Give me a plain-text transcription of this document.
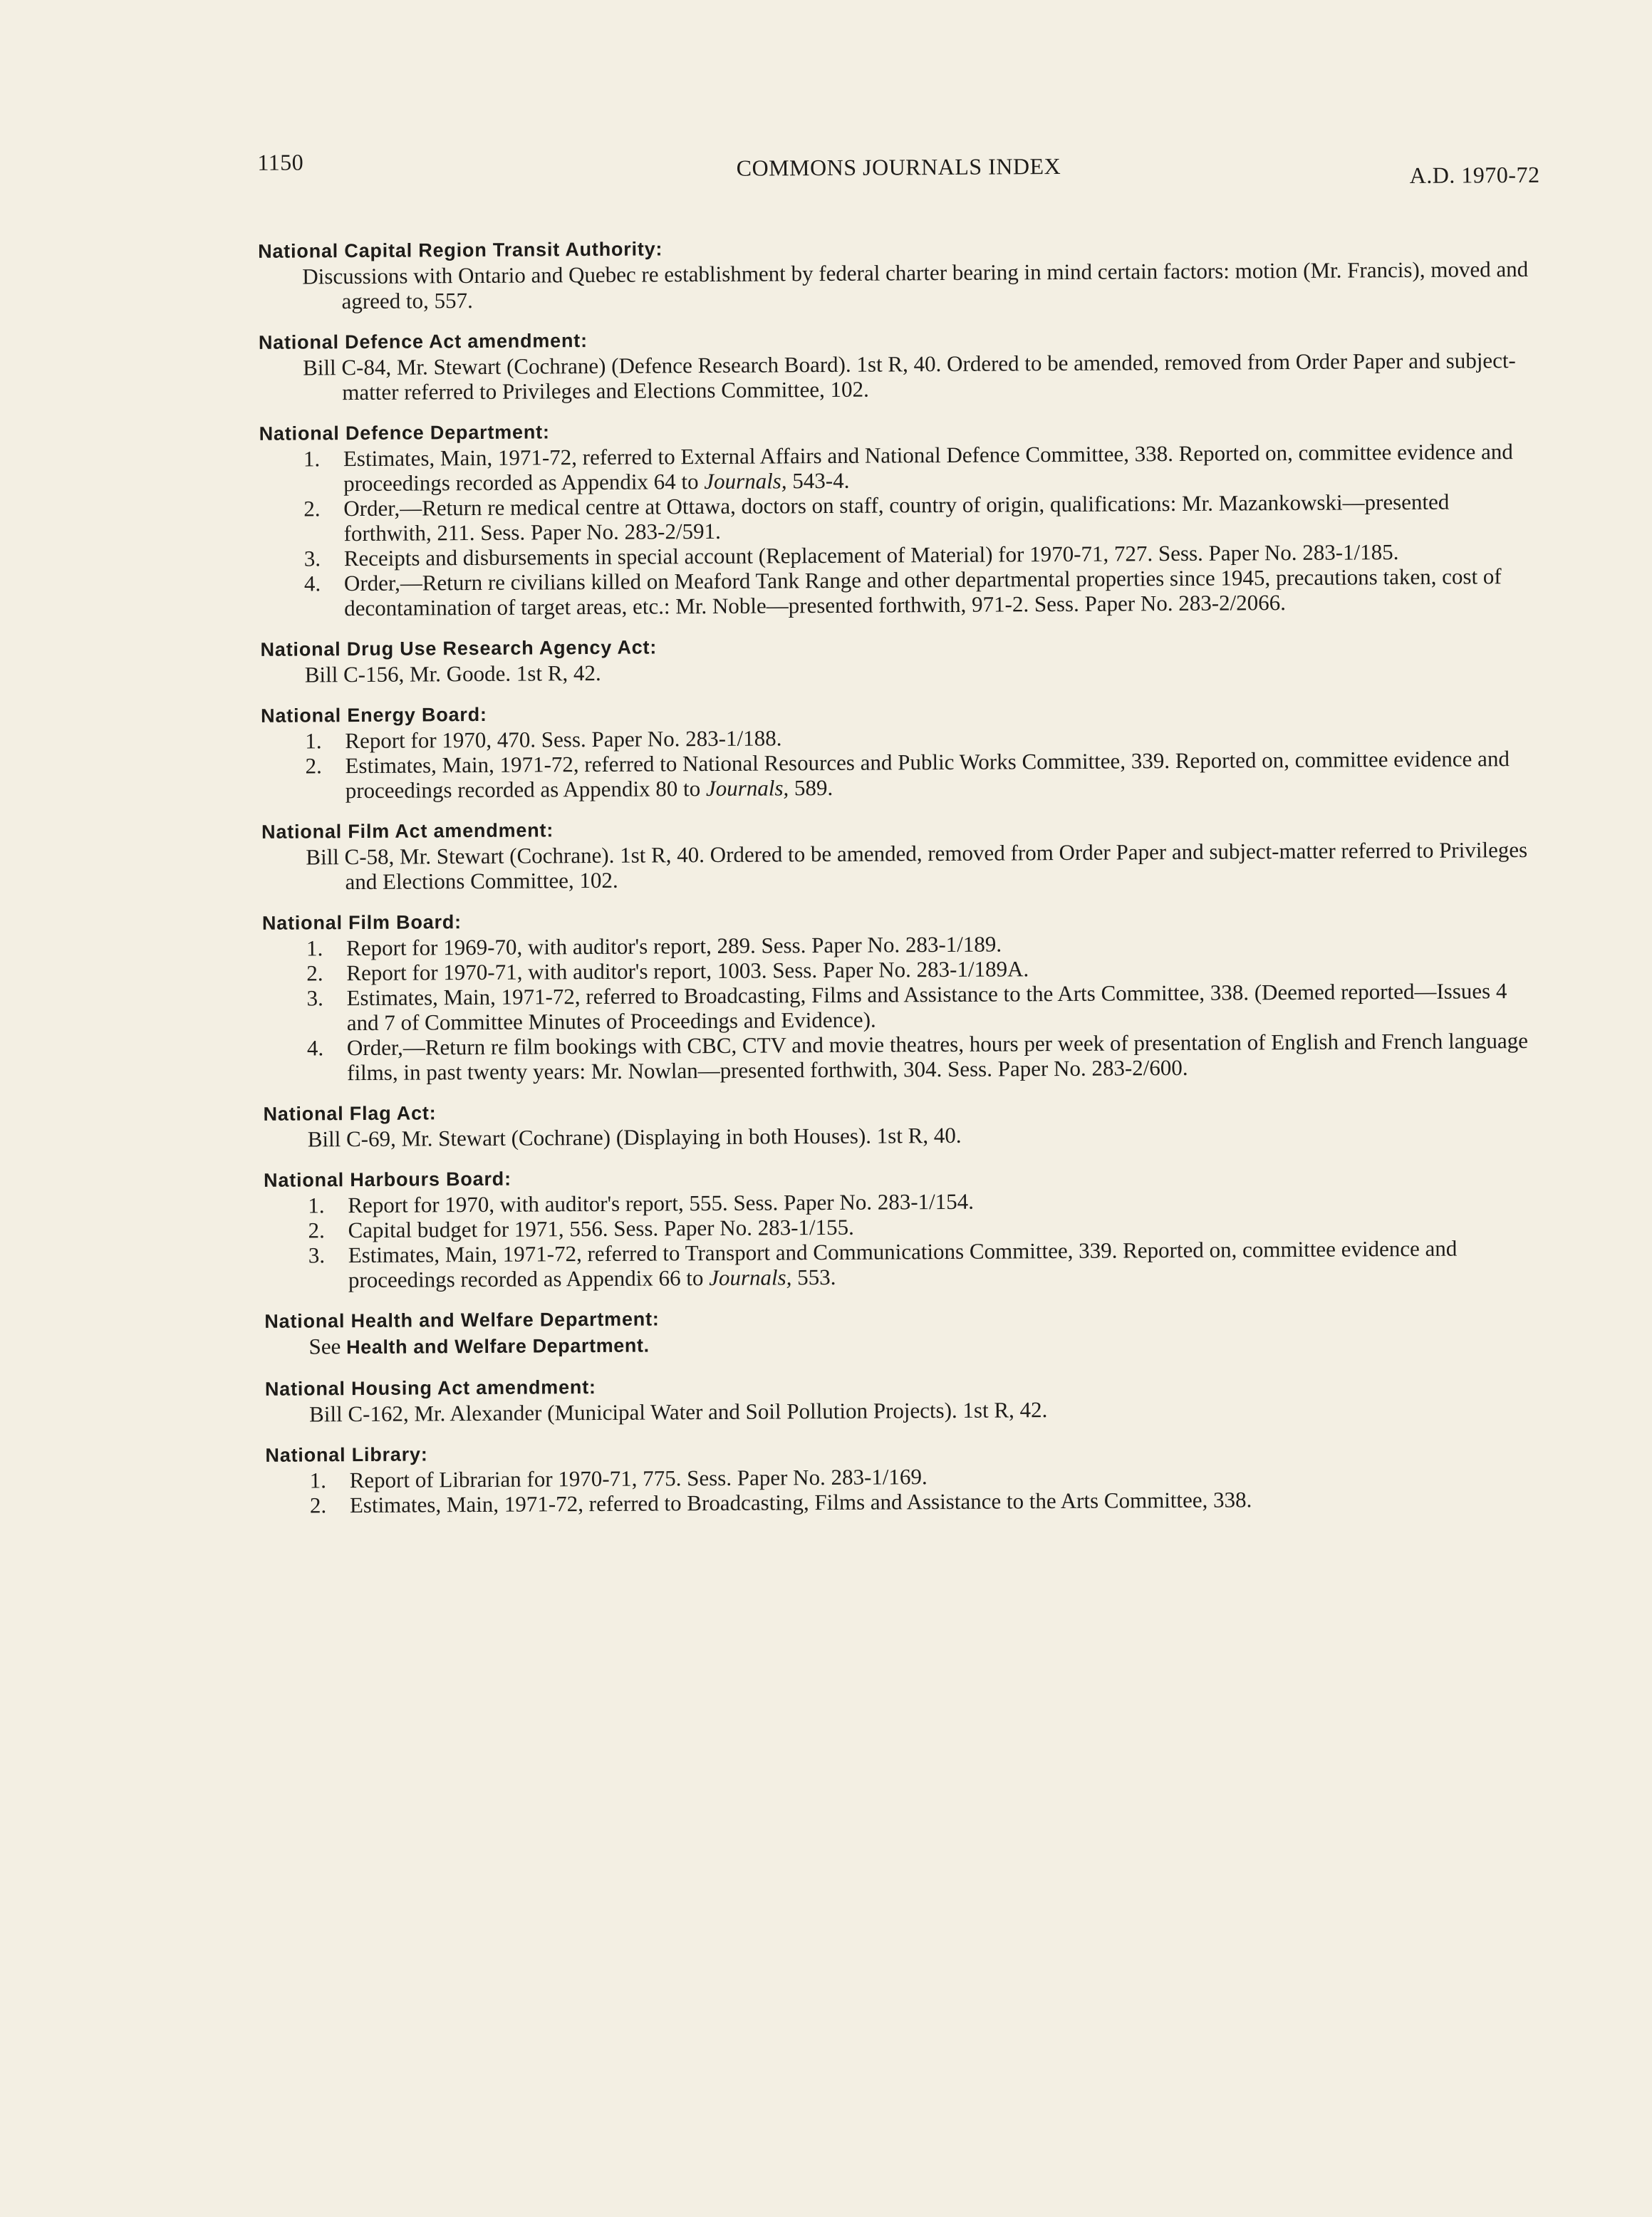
1150	COMMONS JOURNALS INDEX	A.D. 1970-72
National Capital Region Transit Authority:
Discussions with Ontario and Quebec re establishment by federal charter bearing in mind certain factors: motion (Mr. Francis), moved and agreed to, 557.
National Defence Act amendment:
Bill C-84, Mr. Stewart (Cochrane) (Defence Research Board). 1st R, 40. Ordered to be amended, removed from Order Paper and subject-matter referred to Privileges and Elections Committee, 102.
National Defence Department:
1. Estimates, Main, 1971-72, referred to External Affairs and National Defence Committee, 338. Reported on, committee evidence and proceedings recorded as Appendix 64 to Journals, 543-4.
2. Order,—Return re medical centre at Ottawa, doctors on staff, country of origin, qualifications: Mr. Mazankowski—presented forthwith, 211. Sess. Paper No. 283-2/591.
3. Receipts and disbursements in special account (Replacement of Material) for 1970-71, 727. Sess. Paper No. 283-1/185.
4. Order,—Return re civilians killed on Meaford Tank Range and other departmental properties since 1945, precautions taken, cost of decontamination of target areas, etc.: Mr. Noble—presented forthwith, 971-2. Sess. Paper No. 283-2/2066.
National Drug Use Research Agency Act:
Bill C-156, Mr. Goode. 1st R, 42.
National Energy Board:
1. Report for 1970, 470. Sess. Paper No. 283-1/188.
2. Estimates, Main, 1971-72, referred to National Resources and Public Works Committee, 339. Reported on, committee evidence and proceedings recorded as Appendix 80 to Journals, 589.
National Film Act amendment:
Bill C-58, Mr. Stewart (Cochrane). 1st R, 40. Ordered to be amended, removed from Order Paper and subject-matter referred to Privileges and Elections Committee, 102.
National Film Board:
1. Report for 1969-70, with auditor's report, 289. Sess. Paper No. 283-1/189.
2. Report for 1970-71, with auditor's report, 1003. Sess. Paper No. 283-1/189A.
3. Estimates, Main, 1971-72, referred to Broadcasting, Films and Assistance to the Arts Committee, 338. (Deemed reported—Issues 4 and 7 of Committee Minutes of Proceedings and Evidence).
4. Order,—Return re film bookings with CBC, CTV and movie theatres, hours per week of presentation of English and French language films, in past twenty years: Mr. Nowlan—presented forthwith, 304. Sess. Paper No. 283-2/600.
National Flag Act:
Bill C-69, Mr. Stewart (Cochrane) (Displaying in both Houses). 1st R, 40.
National Harbours Board:
1. Report for 1970, with auditor's report, 555. Sess. Paper No. 283-1/154.
2. Capital budget for 1971, 556. Sess. Paper No. 283-1/155.
3. Estimates, Main, 1971-72, referred to Transport and Communications Committee, 339. Reported on, committee evidence and proceedings recorded as Appendix 66 to Journals, 553.
National Health and Welfare Department:
See Health and Welfare Department.
National Housing Act amendment:
Bill C-162, Mr. Alexander (Municipal Water and Soil Pollution Projects). 1st R, 42.
National Library:
1. Report of Librarian for 1970-71, 775. Sess. Paper No. 283-1/169.
2. Estimates, Main, 1971-72, referred to Broadcasting, Films and Assistance to the Arts Committee, 338.
